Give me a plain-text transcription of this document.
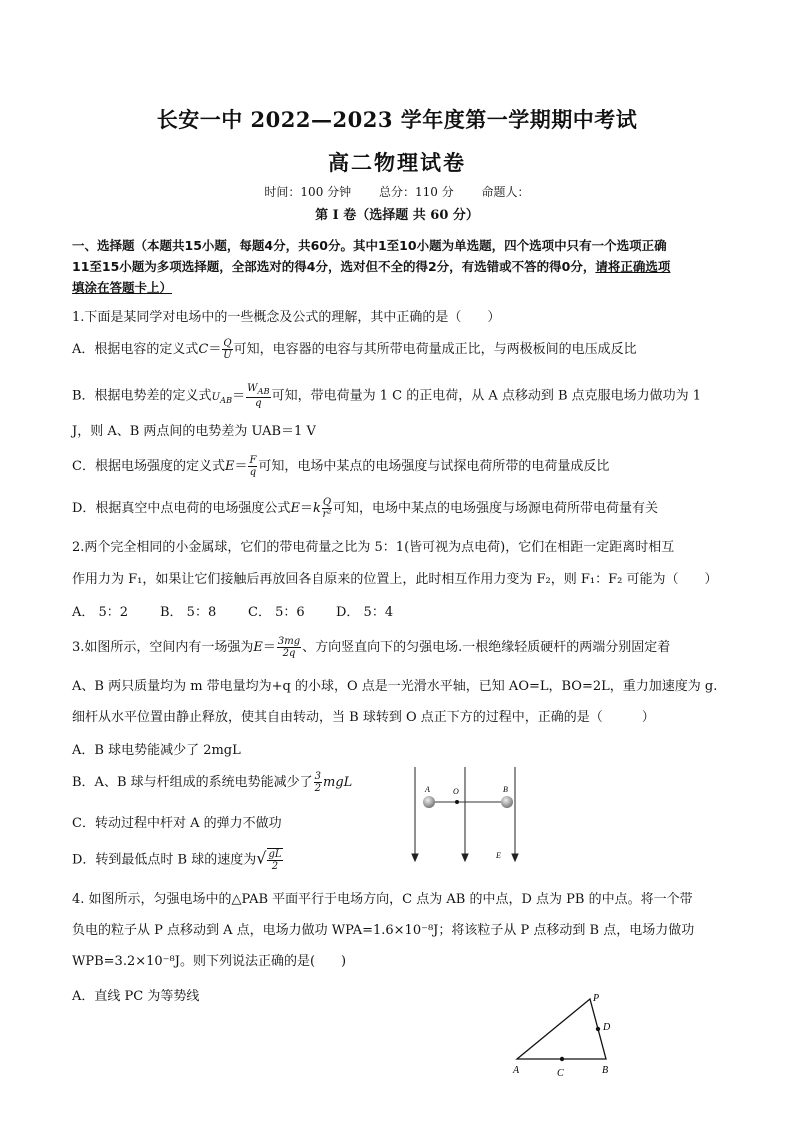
长安一中 2022—2023 学年度第一学期期中考试
高二物理试卷
时间：100 分钟 总分：110 分 命题人：
第 Ⅰ 卷（选择题 共 60 分）
一、选择题（本题共15小题，每题4分，共60分。其中1至10小题为单选题，四个选项中只有一个选项正确
11至15小题为多项选择题，全部选对的得4分，选对但不全的得2分，有选错或不答的得0分，请将正确选项
填涂在答题卡上）
1.下面是某同学对电场中的一些概念及公式的理解，其中正确的是（　　）
A．根据电容的定义式$C= \frac{Q}{U}$ 可知，电容器的电容与其所带电荷量成正比，与两极板间的电压成反比
B．根据电势差的定义式$U_{AB}= \frac{W_{AB}}{q}$ 可知，带电荷量为 1 C 的正电荷，从 A 点移动到 B 点克服电场力做功为 1
J，则 A、B 两点间的电势差为 UAB＝1 V
C．根据电场强度的定义式$E= \frac{F}{q}$ 可知，电场中某点的电场强度与试探电荷所带的电荷量成反比
D．根据真空中点电荷的电场强度公式$E=k \frac{Q}{\text{r²}}$ 可知，电场中某点的电场强度与场源电荷所带电荷量有关
2.两个完全相同的小金属球，它们的带电荷量之比为 5：1(皆可视为点电荷)，它们在相距一定距离时相互
作用力为 F₁，如果让它们接触后再放回各自原来的位置上，此时相互作用力变为 F₂，则 F₁：F₂ 可能为（　　）
A． 5：2 B． 5：8 C． 5：6 D． 5：4
3.如图所示，空间内有一场强为$E= \frac{3mg}{2q}$ 、方向竖直向下的匀强电场.一根绝缘轻质硬杆的两端分别固定着
A、B 两只质量均为 m 带电量均为+q 的小球，O 点是一光滑水平轴，已知 AO=L，BO=2L，重力加速度为 g.
细杆从水平位置由静止释放，使其自由转动，当 B 球转到 O 点正下方的过程中，正确的是（　　　）
A．B 球电势能减少了 2mgL
B．A、B 球与杆组成的系统电势能减少了 $\frac{3}{2}$ mgL
C．转动过程中杆对 A 的弹力不做功
D．转到最低点时 B 球的速度为√ $\frac{gL}{2}$
A	O	B
E
4. 如图所示，匀强电场中的△PAB 平面平行于电场方向，C 点为 AB 的中点，D 点为 PB 的中点。将一个带
负电的粒子从 P 点移动到 A 点，电场力做功 WPA=1.6×10⁻⁸J；将该粒子从 P 点移动到 B 点，电场力做功
WPB=3.2×10⁻⁸J。则下列说法正确的是(　　)
A．直线 PC 为等势线	P
D
A	C	B
